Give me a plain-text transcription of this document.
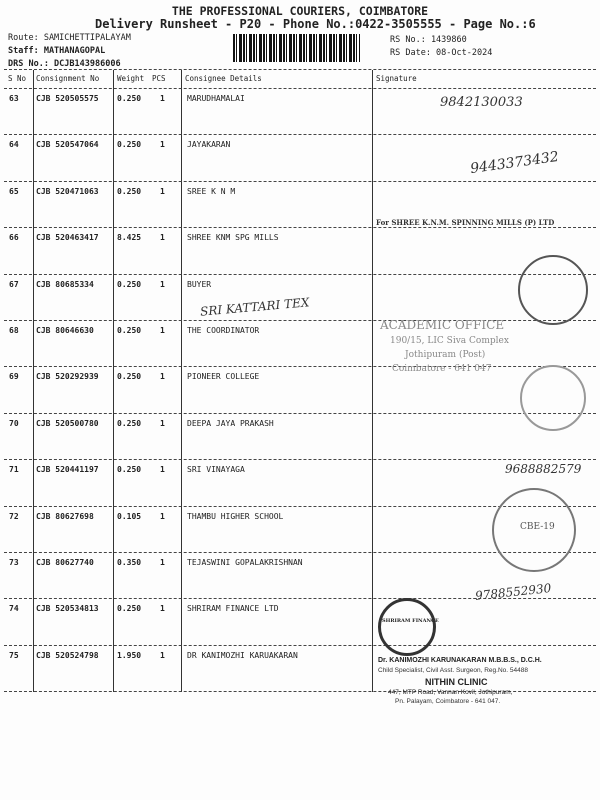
THE PROFESSIONAL COURIERS, COIMBATORE
Delivery Runsheet - P20 - Phone No.:0422-3505555 - Page No.:6
Route: SAMICHETTIPALAYAM
Staff: MATHANAGOPAL
DRS No.: DCJB143986006
RS No.: 1439860
RS Date: 08-Oct-2024
S No Consignment No Weight PCS	Consignee Details	Signature
63 CJB 520505575 0.250 1	MARUDHAMALAI
64 CJB 520547064 0.250 1	JAYAKARAN
65 CJB 520471063 0.250 1	SREE K N M
66 CJB 520463417 8.425 1	SHREE KNM SPG MILLS
67 CJB 80685334	0.250 1	BUYER
68 CJB 80646630	0.250 1	THE COORDINATOR
69 CJB 520292939 0.250 1	PIONEER COLLEGE
70 CJB 520500780 0.250 1	DEEPA JAYA PRAKASH
71 CJB 520441197 0.250 1	SRI VINAYAGA
72 CJB 80627698	0.105 1	THAMBU HIGHER SCHOOL
73 CJB 80627740	0.350 1	TEJASWINI GOPALAKRISHNAN
74 CJB 520534813 0.250 1	SHRIRAM FINANCE LTD
75 CJB 520524798 1.950 1	DR KANIMOZHI KARUAKARAN
9842130033
9443373432
For SHREE K.N.M. SPINNING MILLS (P) LTD
SRI KATTARI TEX
ACADEMIC OFFICE
190/15, LIC Siva Complex
Jothipuram (Post)
Coimbatore - 641 047
9688882579
CBE-19
9788552930
SHRIRAM FINANCE
Dr. KANIMOZHI KARUNAKARAN M.B.B.S., D.C.H.
Child Specialist, Civil Asst. Surgeon, Reg.No. 54488
NITHIN CLINIC
447, MTP Road, Vannan Kovil, Jothipuram,
Pn. Palayam, Coimbatore - 641 047.
